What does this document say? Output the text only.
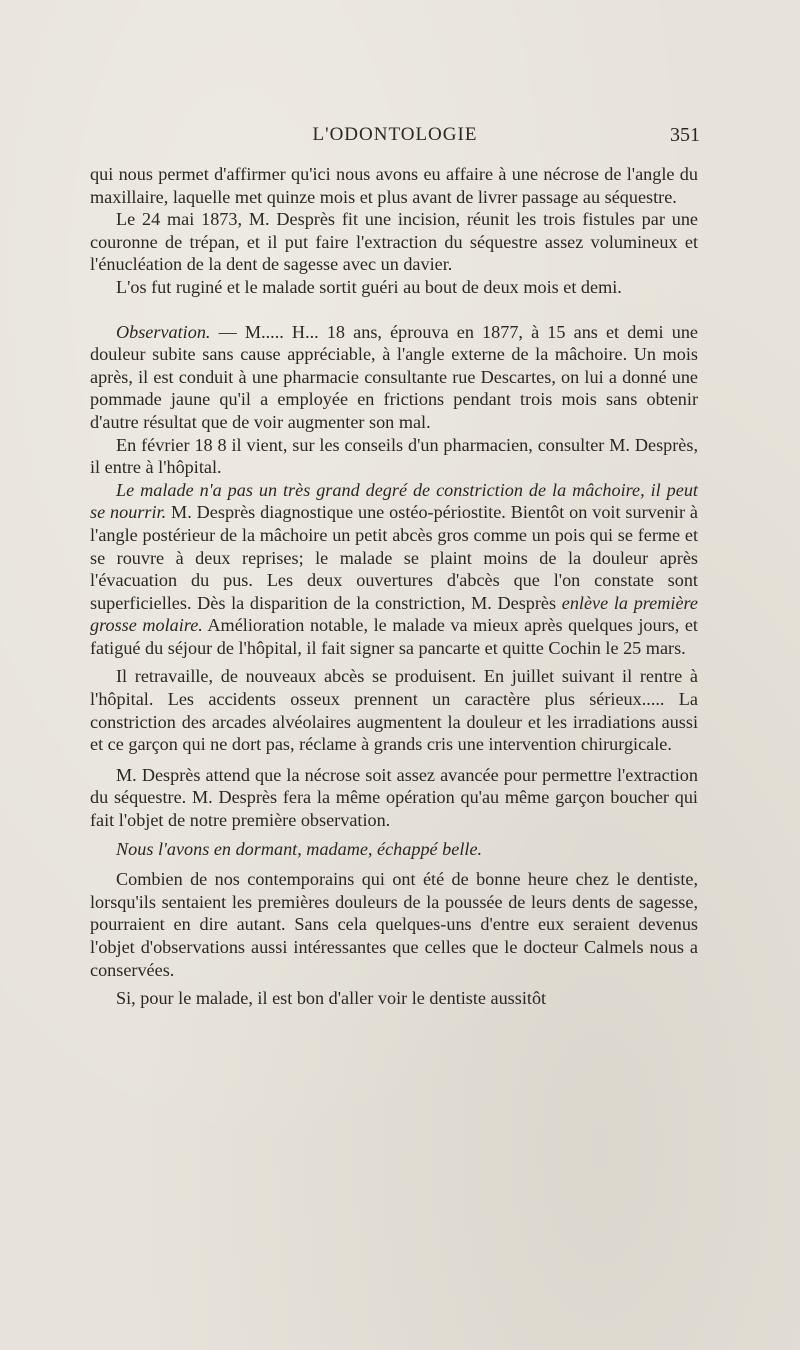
L'ODONTOLOGIE	351

qui nous permet d'affirmer qu'ici nous avons eu affaire à une nécrose de l'angle du maxillaire, laquelle met quinze mois et plus avant de livrer passage au séquestre.

Le 24 mai 1873, M. Desprès fit une incision, réunit les trois fistules par une couronne de trépan, et il put faire l'extraction du séquestre assez volumineux et l'énucléation de la dent de sagesse avec un davier.

L'os fut ruginé et le malade sortit guéri au bout de deux mois et demi.

Observation. — M..... H... 18 ans, éprouva en 1877, à 15 ans et demi une douleur subite sans cause appréciable, à l'angle externe de la mâchoire. Un mois après, il est conduit à une pharmacie consultante rue Descartes, on lui a donné une pommade jaune qu'il a employée en frictions pendant trois mois sans obtenir d'autre résultat que de voir augmenter son mal.

En février 18 8 il vient, sur les conseils d'un pharmacien, consulter M. Desprès, il entre à l'hôpital.

Le malade n'a pas un très grand degré de constriction de la mâchoire, il peut se nourrir. M. Desprès diagnostique une ostéo-périostite. Bientôt on voit survenir à l'angle postérieur de la mâchoire un petit abcès gros comme un pois qui se ferme et se rouvre à deux reprises; le malade se plaint moins de la douleur après l'évacuation du pus. Les deux ouvertures d'abcès que l'on constate sont superficielles. Dès la disparition de la constriction, M. Desprès enlève la première grosse molaire. Amélioration notable, le malade va mieux après quelques jours, et fatigué du séjour de l'hôpital, il fait signer sa pancarte et quitte Cochin le 25 mars.

Il retravaille, de nouveaux abcès se produisent. En juillet suivant il rentre à l'hôpital. Les accidents osseux prennent un caractère plus sérieux..... La constriction des arcades alvéolaires augmentent la douleur et les irradiations aussi et ce garçon qui ne dort pas, réclame à grands cris une intervention chirurgicale.

M. Desprès attend que la nécrose soit assez avancée pour permettre l'extraction du séquestre. M. Desprès fera la même opération qu'au même garçon boucher qui fait l'objet de notre première observation.

Nous l'avons en dormant, madame, échappé belle.

Combien de nos contemporains qui ont été de bonne heure chez le dentiste, lorsqu'ils sentaient les premières douleurs de la poussée de leurs dents de sagesse, pourraient en dire autant. Sans cela quelques-uns d'entre eux seraient devenus l'objet d'observations aussi intéressantes que celles que le docteur Calmels nous a conservées.

Si, pour le malade, il est bon d'aller voir le dentiste aussitôt
